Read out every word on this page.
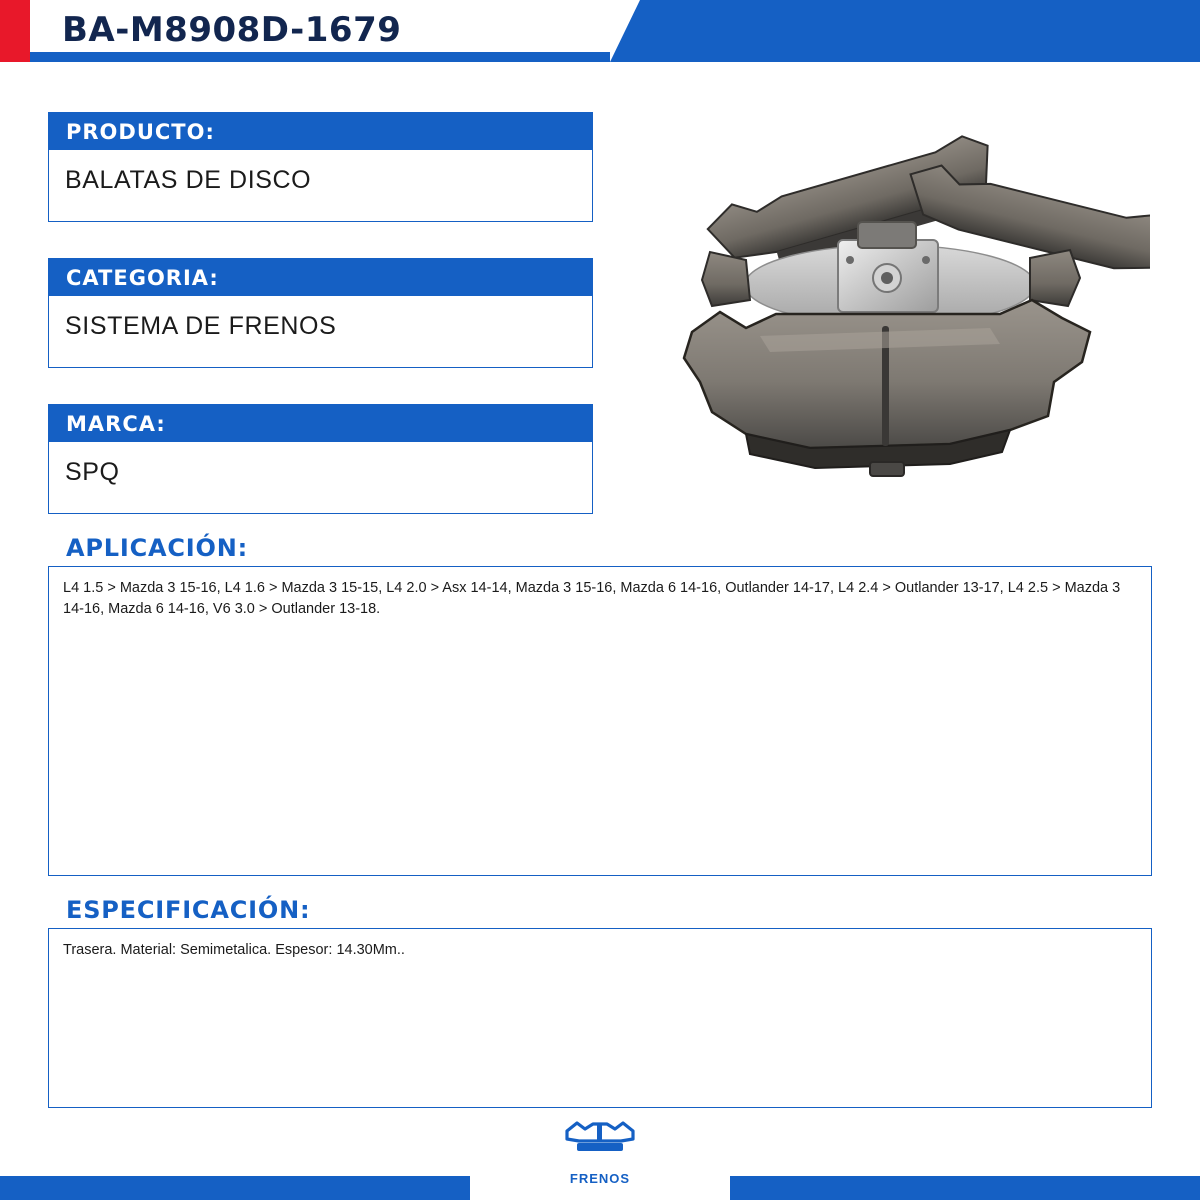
BA-M8908D-1679
PRODUCTO:
BALATAS DE DISCO
CATEGORIA:
SISTEMA DE FRENOS
MARCA:
SPQ
APLICACIÓN:
L4 1.5 > Mazda 3 15-16, L4 1.6 > Mazda 3 15-15, L4 2.0 > Asx 14-14, Mazda 3 15-16, Mazda 6 14-16, Outlander 14-17, L4 2.4 > Outlander 13-17, L4 2.5 > Mazda 3 14-16, Mazda 6 14-16, V6 3.0 > Outlander 13-18.
ESPECIFICACIÓN:
Trasera. Material: Semimetalica. Espesor: 14.30Mm..
FRENOS
